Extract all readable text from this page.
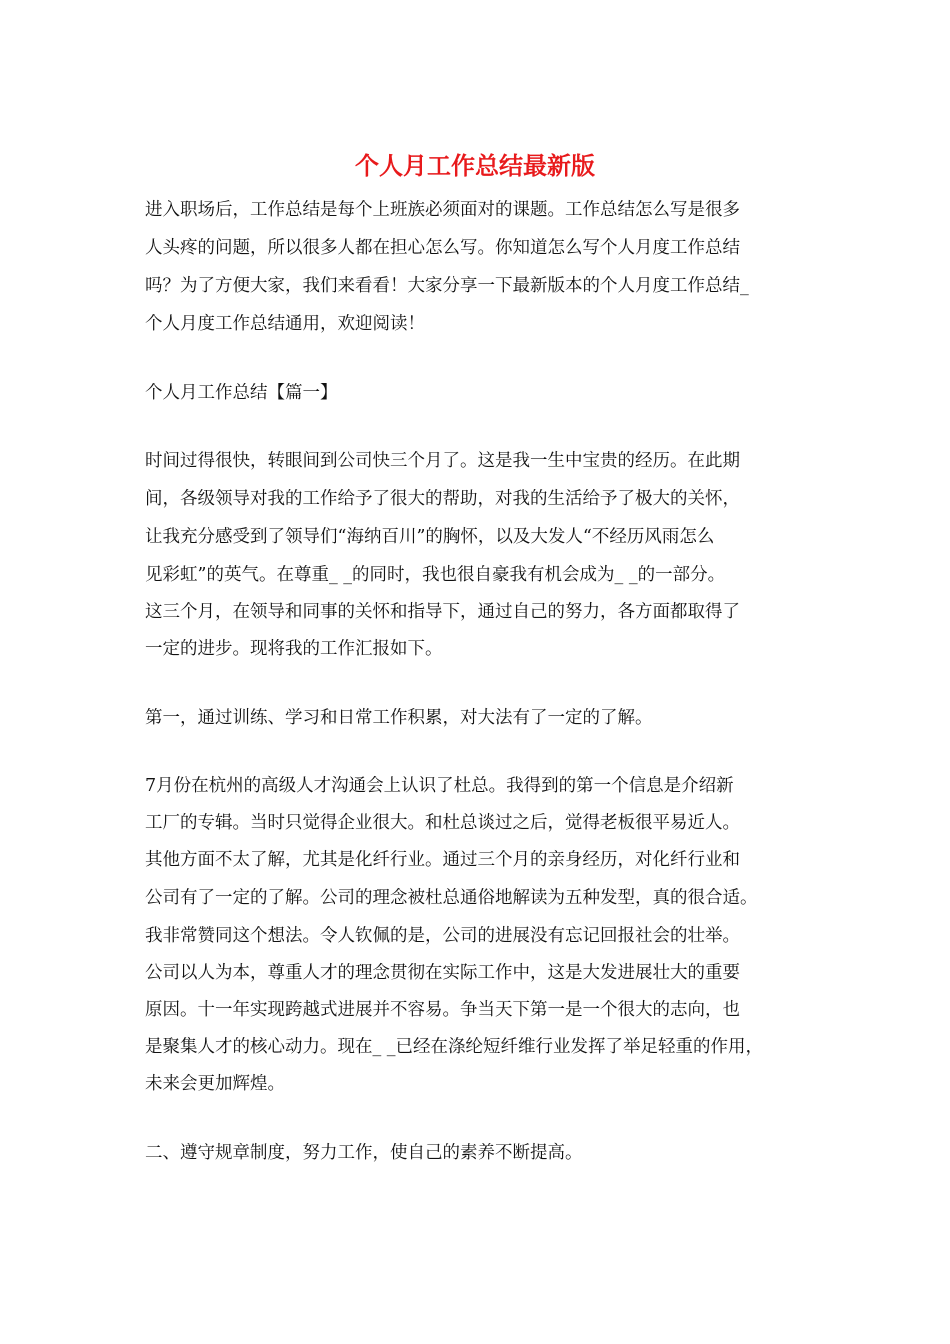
个人月工作总结最新版

进入职场后，工作总结是每个上班族必须面对的课题。工作总结怎么写是很多

人头疼的问题，所以很多人都在担心怎么写。你知道怎么写个人月度工作总结

吗？为了方便大家，我们来看看！大家分享一下最新版本的个人月度工作总结_

个人月度工作总结通用，欢迎阅读！

个人月工作总结【篇一】

时间过得很快，转眼间到公司快三个月了。这是我一生中宝贵的经历。在此期

间，各级领导对我的工作给予了很大的帮助，对我的生活给予了极大的关怀，

让我充分感受到了领导们“海纳百川”的胸怀，以及大发人“不经历风雨怎么

见彩虹”的英气。在尊重_ _的同时，我也很自豪我有机会成为_ _的一部分。

这三个月，在领导和同事的关怀和指导下，通过自己的努力，各方面都取得了

一定的进步。现将我的工作汇报如下。

第一，通过训练、学习和日常工作积累，对大法有了一定的了解。

7月份在杭州的高级人才沟通会上认识了杜总。我得到的第一个信息是介绍新

工厂的专辑。当时只觉得企业很大。和杜总谈过之后，觉得老板很平易近人。

其他方面不太了解，尤其是化纤行业。通过三个月的亲身经历，对化纤行业和

公司有了一定的了解。公司的理念被杜总通俗地解读为五种发型，真的很合适。

我非常赞同这个想法。令人钦佩的是，公司的进展没有忘记回报社会的壮举。

公司以人为本，尊重人才的理念贯彻在实际工作中，这是大发进展壮大的重要

原因。十一年实现跨越式进展并不容易。争当天下第一是一个很大的志向，也

是聚集人才的核心动力。现在_ _已经在涤纶短纤维行业发挥了举足轻重的作用，

未来会更加辉煌。

二、遵守规章制度，努力工作，使自己的素养不断提高。
